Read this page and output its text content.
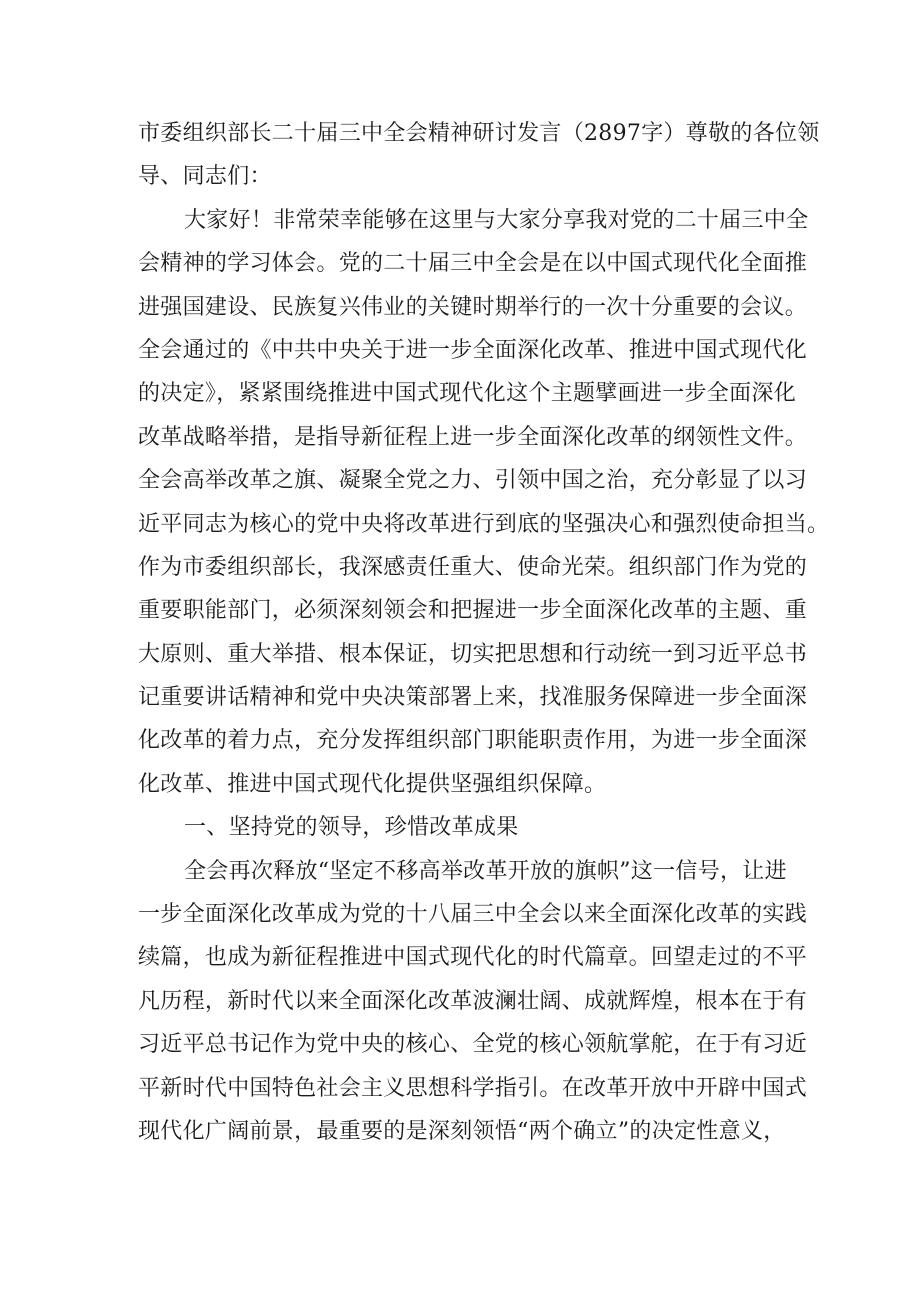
市委组织部长二十届三中全会精神研讨发言（2897字）尊敬的各位领
导、同志们：
大家好！非常荣幸能够在这里与大家分享我对党的二十届三中全
会精神的学习体会。党的二十届三中全会是在以中国式现代化全面推
进强国建设、民族复兴伟业的关键时期举行的一次十分重要的会议。
全会通过的《中共中央关于进一步全面深化改革、推进中国式现代化
的决定》，紧紧围绕推进中国式现代化这个主题擘画进一步全面深化
改革战略举措，是指导新征程上进一步全面深化改革的纲领性文件。
全会高举改革之旗、凝聚全党之力、引领中国之治，充分彰显了以习
近平同志为核心的党中央将改革进行到底的坚强决心和强烈使命担当。
作为市委组织部长，我深感责任重大、使命光荣。组织部门作为党的
重要职能部门，必须深刻领会和把握进一步全面深化改革的主题、重
大原则、重大举措、根本保证，切实把思想和行动统一到习近平总书
记重要讲话精神和党中央决策部署上来，找准服务保障进一步全面深
化改革的着力点，充分发挥组织部门职能职责作用，为进一步全面深
化改革、推进中国式现代化提供坚强组织保障。
一、坚持党的领导，珍惜改革成果
全会再次释放“坚定不移高举改革开放的旗帜”这一信号，让进
一步全面深化改革成为党的十八届三中全会以来全面深化改革的实践
续篇，也成为新征程推进中国式现代化的时代篇章。回望走过的不平
凡历程，新时代以来全面深化改革波澜壮阔、成就辉煌，根本在于有
习近平总书记作为党中央的核心、全党的核心领航掌舵，在于有习近
平新时代中国特色社会主义思想科学指引。在改革开放中开辟中国式
现代化广阔前景，最重要的是深刻领悟“两个确立”的决定性意义，
